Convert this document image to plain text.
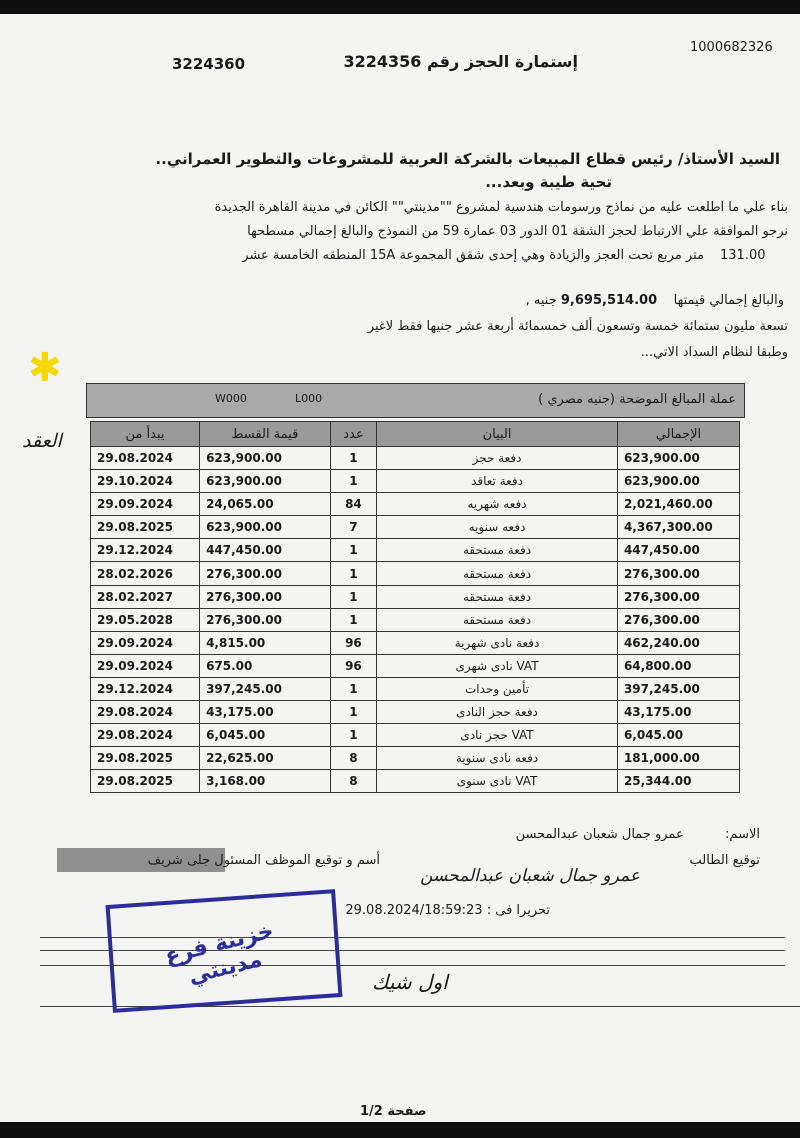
1000682326
3224360	إستمارة الحجز رقم 3224356
السيد الأستاذ/ رئيس قطاع المبيعات بالشركة العربية للمشروعات والتطوير العمراني..
تحية طيبة وبعد...
بناء علي ما اطلعت عليه من نماذج ورسومات هندسية لمشروع ""مدينتي"" الكائن في مدينة القاهرة الجديدة
نرجو الموافقة علي الارتباط لحجز الشقة 01 الدور 03 عمارة 59 من النموذج والبالغ إجمالي مسطحها
131.00
متر مربع تحت العجز والزيادة وهي إحدى شقق المجموعة 15A المنطقه الخامسة عشر
والبالغ إجمالي قيمتها    9,695,514.00 جنيه ,
تسعة مليون ستمائة خمسة وتسعون ألف خمسمائة أربعة عشر جنيها فقط لاغير
وطبقا لنظام السداد الاتي...
✱
العقد
عملة المبالغ الموضحة (جنيه مصري )
W000	L000
يبدأ من	قيمة القسط	عدد	البيان	الإجمالي
29.08.2024	623,900.00	1	دفعة حجز	623,900.00
29.10.2024	623,900.00	1	دفعة تعاقد	623,900.00
29.09.2024	24,065.00	84	دفعه شهريه	2,021,460.00
29.08.2025	623,900.00	7	دفعه سنويه	4,367,300.00
29.12.2024	447,450.00	1	دفعة مستحقه	447,450.00
28.02.2026	276,300.00	1	دفعة مستحقه	276,300.00
28.02.2027	276,300.00	1	دفعة مستحقه	276,300.00
29.05.2028	276,300.00	1	دفعة مستحقه	276,300.00
29.09.2024	4,815.00	96	دفعة نادى شهرية	462,240.00
29.09.2024	675.00	96	VAT نادى شهرى	64,800.00
29.12.2024	397,245.00	1	تأمين وحدات	397,245.00
29.08.2024	43,175.00	1	دفعة حجز النادى	43,175.00
29.08.2024	6,045.00	1	VAT حجز نادى	6,045.00
29.08.2025	22,625.00	8	دفعه نادى سنوية	181,000.00
29.08.2025	3,168.00	8	VAT نادى سنوى	25,344.00
الاسم:          عمرو جمال شعبان عبدالمحسن
توقيع الطالب
أسم و توقيع الموظف المسئول جلى شريف
عمرو جمال شعبان عبدالمحسن
تحريرا فى : 29.08.2024/18:59:23
خزينة فرع مدينتي	اول شيك
صفحة 1/2
